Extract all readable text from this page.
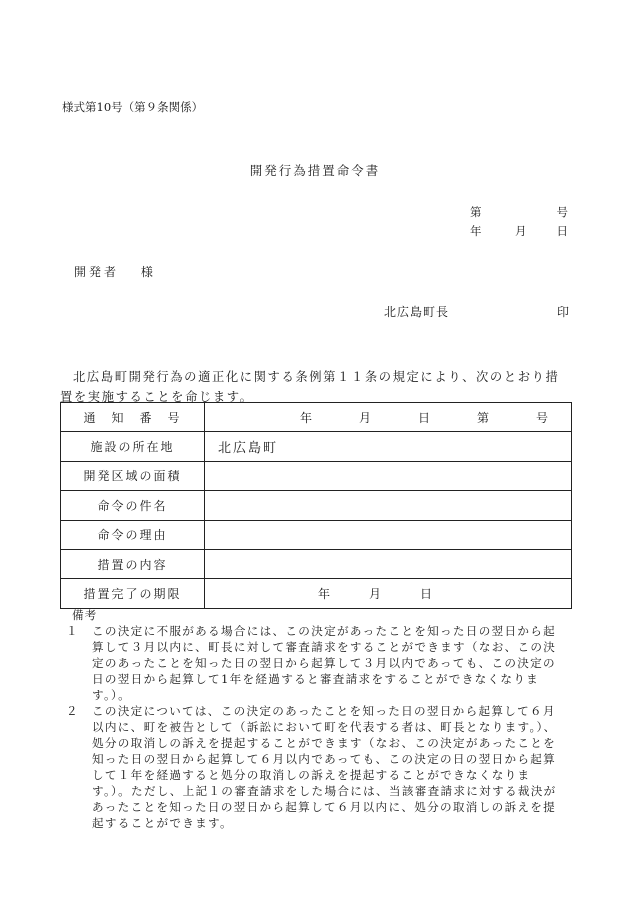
様式第10号（第９条関係）
開発行為措置命令書
第	号
年	月	日
開発者　 様
北広島町長	印
北広島町開発行為の適正化に関する条例第１１条の規定により、次のとおり措置を実施することを命じます。
通　知　番　号	年 月 日 第 号

施設の所在地	北広島町
開発区域の面積	
命令の件名	
命令の理由	
措置の内容	
措置完了の期限	年 月 日
備考
１	この決定に不服がある場合には、この決定があったことを知った日の翌日から起算して３月以内に、町長に対して審査請求をすることができます（なお、この決定のあったことを知った日の翌日から起算して３月以内であっても、この決定の日の翌日から起算して1年を経過すると審査請求をすることができなくなります。）。
２	この決定については、この決定のあったことを知った日の翌日から起算して６月以内に、町を被告として（訴訟において町を代表する者は、町長となります。）、処分の取消しの訴えを提起することができます（なお、この決定があったことを知った日の翌日から起算して６月以内であっても、この決定の日の翌日から起算して１年を経過すると処分の取消しの訴えを提起することができなくなります。）。ただし、上記１の審査請求をした場合には、当該審査請求に対する裁決があったことを知った日の翌日から起算して６月以内に、処分の取消しの訴えを提起することができます。
